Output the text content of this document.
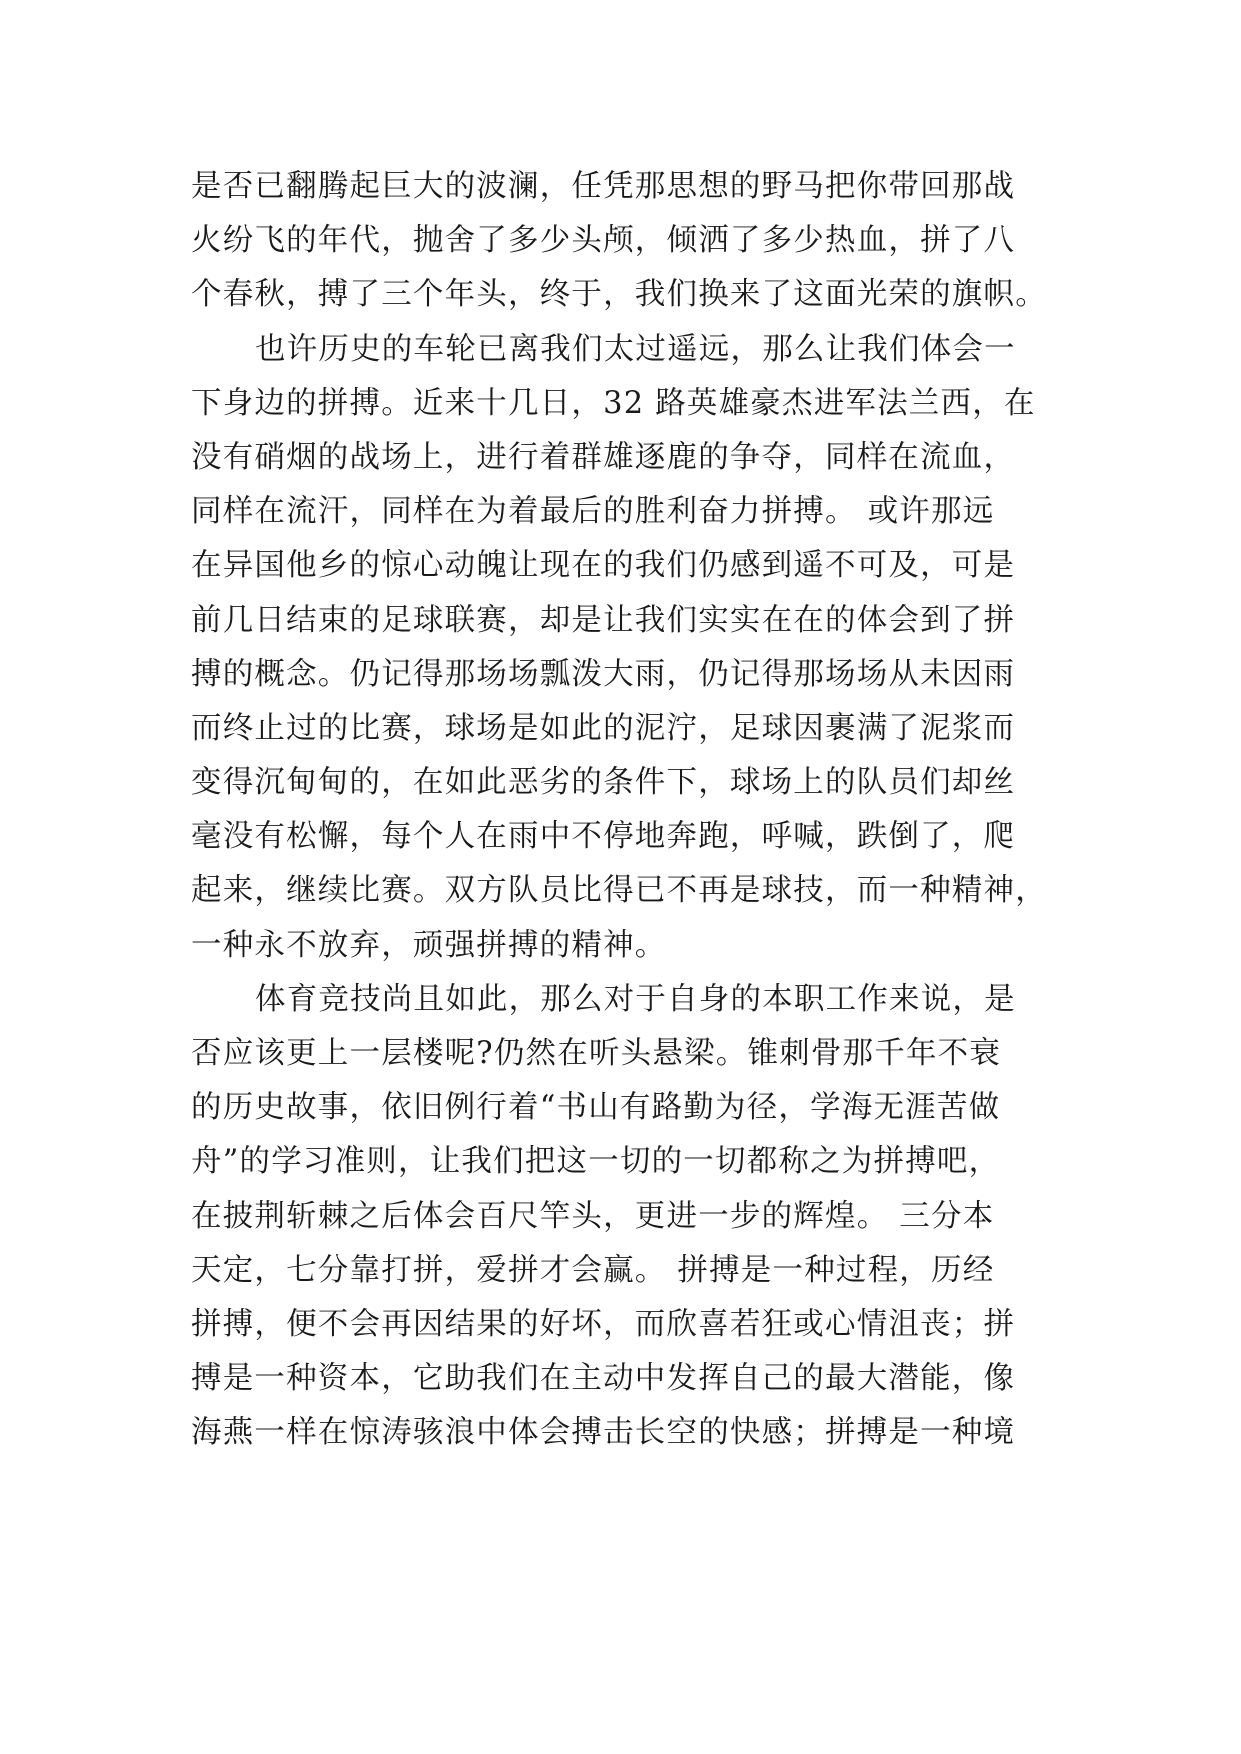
是否已翻腾起巨大的波澜，任凭那思想的野马把你带回那战
火纷飞的年代，抛舍了多少头颅，倾洒了多少热血，拼了八
个春秋，搏了三个年头，终于，我们换来了这面光荣的旗帜。
也许历史的车轮已离我们太过遥远，那么让我们体会一
下身边的拼搏。近来十几日，32 路英雄豪杰进军法兰西，在
没有硝烟的战场上，进行着群雄逐鹿的争夺，同样在流血，
同样在流汗，同样在为着最后的胜利奋力拼搏。 或许那远
在异国他乡的惊心动魄让现在的我们仍感到遥不可及，可是
前几日结束的足球联赛，却是让我们实实在在的体会到了拼
搏的概念。仍记得那场场瓢泼大雨，仍记得那场场从未因雨
而终止过的比赛，球场是如此的泥泞，足球因裹满了泥浆而
变得沉甸甸的，在如此恶劣的条件下，球场上的队员们却丝
毫没有松懈，每个人在雨中不停地奔跑，呼喊，跌倒了，爬
起来，继续比赛。双方队员比得已不再是球技，而一种精神，
一种永不放弃，顽强拼搏的精神。
体育竞技尚且如此，那么对于自身的本职工作来说，是
否应该更上一层楼呢?仍然在听头悬梁。锥刺骨那千年不衰
的历史故事，依旧例行着“书山有路勤为径，学海无涯苦做
舟”的学习准则，让我们把这一切的一切都称之为拼搏吧，
在披荆斩棘之后体会百尺竿头，更进一步的辉煌。 三分本
天定，七分靠打拼，爱拼才会赢。 拼搏是一种过程，历经
拼搏，便不会再因结果的好坏，而欣喜若狂或心情沮丧；拼
搏是一种资本，它助我们在主动中发挥自己的最大潜能，像
海燕一样在惊涛骇浪中体会搏击长空的快感；拼搏是一种境
